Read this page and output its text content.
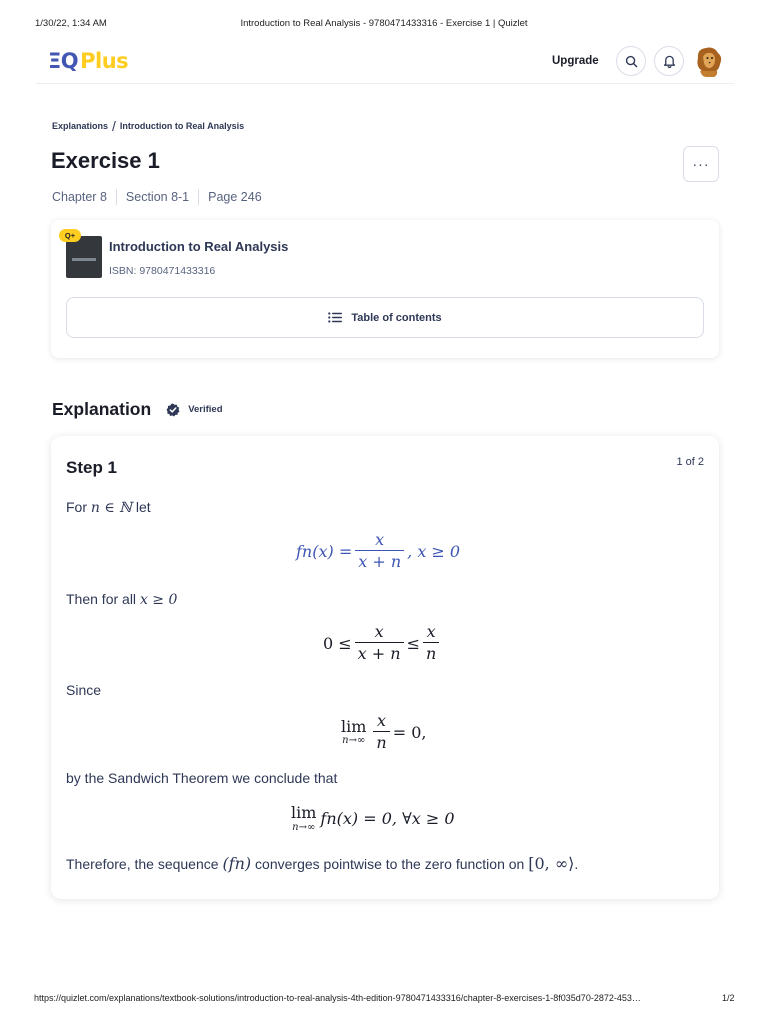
1/30/22, 1:34 AM	Introduction to Real Analysis - 9780471433316 - Exercise 1 | Quizlet
ΞQPlus	Upgrade
Explanations / Introduction to Real Analysis
Exercise 1	···
Chapter 8 Section 8-1 Page 246
Q+
Introduction to Real Analysis
ISBN: 9780471433316
Table of contents
Explanation	Verified
Step 1	1 of 2
For n ∈ ℕ let
$fn(x) = \frac{x}{x + n}$ , x ≥ 0
Then for all x ≥ 0
$0 \le \frac{x}{x + n} \le \frac{x}{n}$
Since
lim
$n\to\infty \frac{x}{n} = 0$,
by the Sandwich Theorem we conclude that
lim
n→∞ fn(x) = 0, ∀x ≥ 0
Therefore, the sequence (fn) converges pointwise to the zero function on [0, ∞⟩.
https://quizlet.com/explanations/textbook-solutions/introduction-to-real-analysis-4th-edition-9780471433316/chapter-8-exercises-1-8f035d70-2872-453…	1/2
